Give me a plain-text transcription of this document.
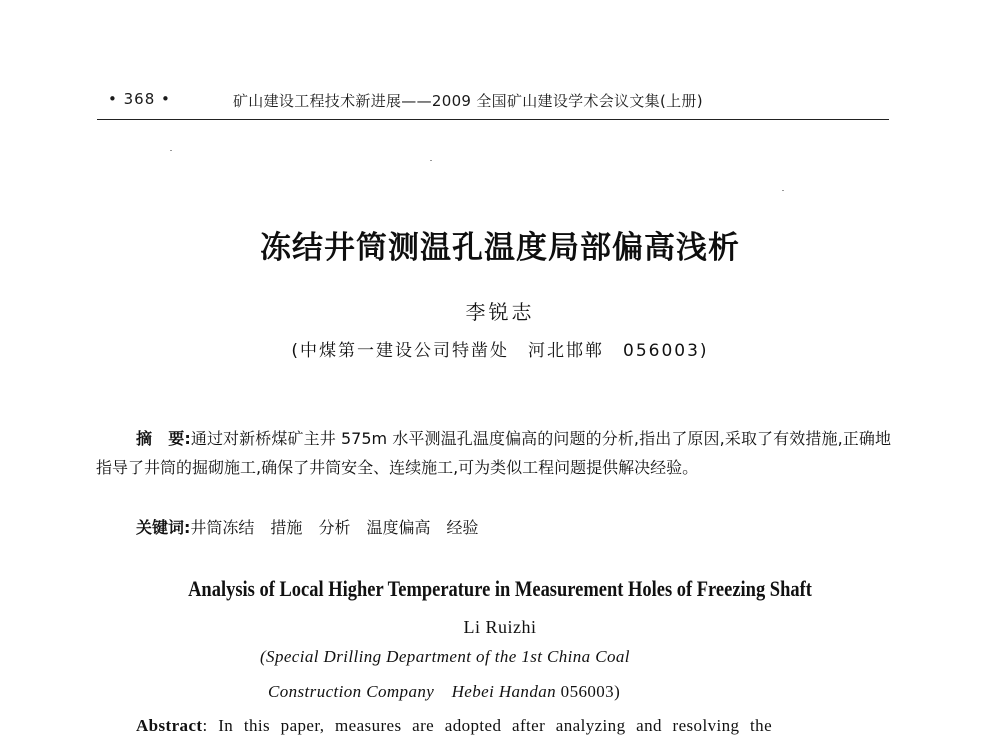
• 368 •	矿山建设工程技术新进展——2009 全国矿山建设学术会议文集(上册)
冻结井筒测温孔温度局部偏高浅析
李锐志
(中煤第一建设公司特凿处　河北邯郸　056003)
摘　要:通过对新桥煤矿主井 575m 水平测温孔温度偏高的问题的分析,指出了原因,采取了有效措施,正确地指导了井筒的掘砌施工,确保了井筒安全、连续施工,可为类似工程问题提供解决经验。
关键词:井筒冻结 措施 分析 温度偏高 经验
Analysis of Local Higher Temperature in Measurement Holes of Freezing Shaft
Li Ruizhi
(Special Drilling Department of the 1st China Coal
Construction Company　Hebei Handan 056003)
Abstract: In this paper, measures are adopted after analyzing and resolving the
